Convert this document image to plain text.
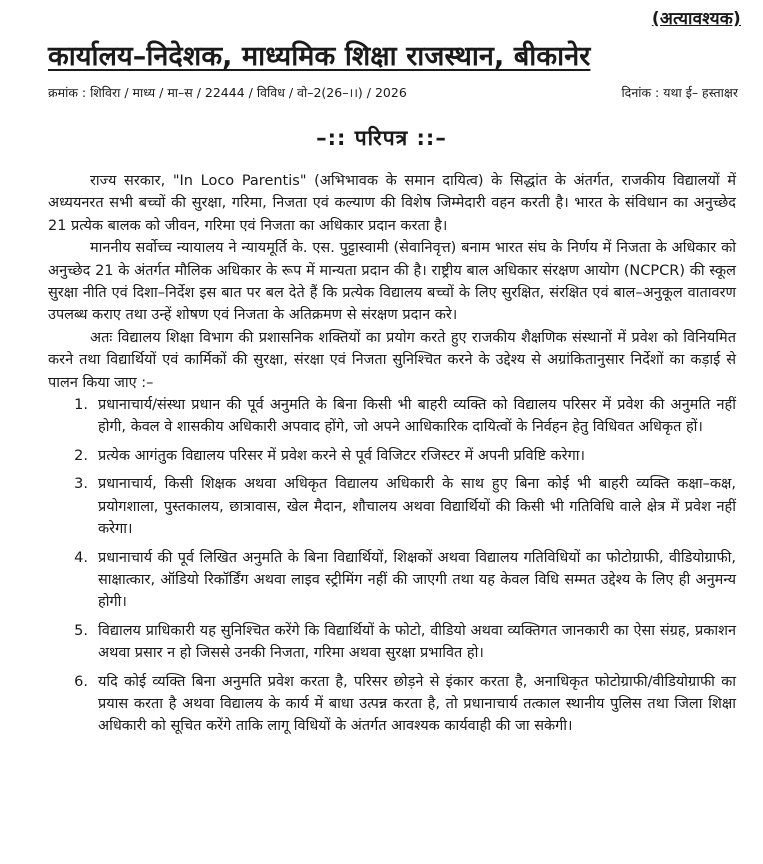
(अत्यावश्यक)
कार्यालय–निदेशक, माध्यमिक शिक्षा राजस्थान, बीकानेर
क्रमांक : शिविरा / माध्य / मा–स / 22444 / विविध / वो–2(26–।।) / 2026	दिनांक : यथा ई– हस्ताक्षर
–:: परिपत्र ::–

राज्य सरकार, "In Loco Parentis" (अभिभावक के समान दायित्व) के सिद्धांत के अंतर्गत, राजकीय विद्यालयों में अध्ययनरत सभी बच्चों की सुरक्षा, गरिमा, निजता एवं कल्याण की विशेष जिम्मेदारी वहन करती है। भारत के संविधान का अनुच्छेद 21 प्रत्येक बालक को जीवन, गरिमा एवं निजता का अधिकार प्रदान करता है।

माननीय सर्वोच्च न्यायालय ने न्यायमूर्ति के. एस. पुट्टास्वामी (सेवानिवृत्त) बनाम भारत संघ के निर्णय में निजता के अधिकार को अनुच्छेद 21 के अंतर्गत मौलिक अधिकार के रूप में मान्यता प्रदान की है। राष्ट्रीय बाल अधिकार संरक्षण आयोग (NCPCR) की स्कूल सुरक्षा नीति एवं दिशा–निर्देश इस बात पर बल देते हैं कि प्रत्येक विद्यालय बच्चों के लिए सुरक्षित, संरक्षित एवं बाल–अनुकूल वातावरण उपलब्ध कराए तथा उन्हें शोषण एवं निजता के अतिक्रमण से संरक्षण प्रदान करे।

अतः विद्यालय शिक्षा विभाग की प्रशासनिक शक्तियों का प्रयोग करते हुए राजकीय शैक्षणिक संस्थानों में प्रवेश को विनियमित करने तथा विद्यार्थियों एवं कार्मिकों की सुरक्षा, संरक्षा एवं निजता सुनिश्चित करने के उद्देश्य से अग्रांकितानुसार निर्देशों का कड़ाई से पालन किया जाए :–

1. प्रधानाचार्य/संस्था प्रधान की पूर्व अनुमति के बिना किसी भी बाहरी व्यक्ति को विद्यालय परिसर में प्रवेश की अनुमति नहीं होगी, केवल वे शासकीय अधिकारी अपवाद होंगे, जो अपने आधिकारिक दायित्वों के निर्वहन हेतु विधिवत अधिकृत हों।
2. प्रत्येक आगंतुक विद्यालय परिसर में प्रवेश करने से पूर्व विजिटर रजिस्टर में अपनी प्रविष्टि करेगा।
3. प्रधानाचार्य, किसी शिक्षक अथवा अधिकृत विद्यालय अधिकारी के साथ हुए बिना कोई भी बाहरी व्यक्ति कक्षा–कक्ष, प्रयोगशाला, पुस्तकालय, छात्रावास, खेल मैदान, शौचालय अथवा विद्यार्थियों की किसी भी गतिविधि वाले क्षेत्र में प्रवेश नहीं करेगा।
4. प्रधानाचार्य की पूर्व लिखित अनुमति के बिना विद्यार्थियों, शिक्षकों अथवा विद्यालय गतिविधियों का फोटोग्राफी, वीडियोग्राफी, साक्षात्कार, ऑडियो रिकॉर्डिंग अथवा लाइव स्ट्रीमिंग नहीं की जाएगी तथा यह केवल विधि सम्मत उद्देश्य के लिए ही अनुमन्य होगी।
5. विद्यालय प्राधिकारी यह सुनिश्चित करेंगे कि विद्यार्थियों के फोटो, वीडियो अथवा व्यक्तिगत जानकारी का ऐसा संग्रह, प्रकाशन अथवा प्रसार न हो जिससे उनकी निजता, गरिमा अथवा सुरक्षा प्रभावित हो।
6. यदि कोई व्यक्ति बिना अनुमति प्रवेश करता है, परिसर छोड़ने से इंकार करता है, अनाधिकृत फोटोग्राफी/वीडियोग्राफी का प्रयास करता है अथवा विद्यालय के कार्य में बाधा उत्पन्न करता है, तो प्रधानाचार्य तत्काल स्थानीय पुलिस तथा जिला शिक्षा अधिकारी को सूचित करेंगे ताकि लागू विधियों के अंतर्गत आवश्यक कार्यवाही की जा सकेगी।
